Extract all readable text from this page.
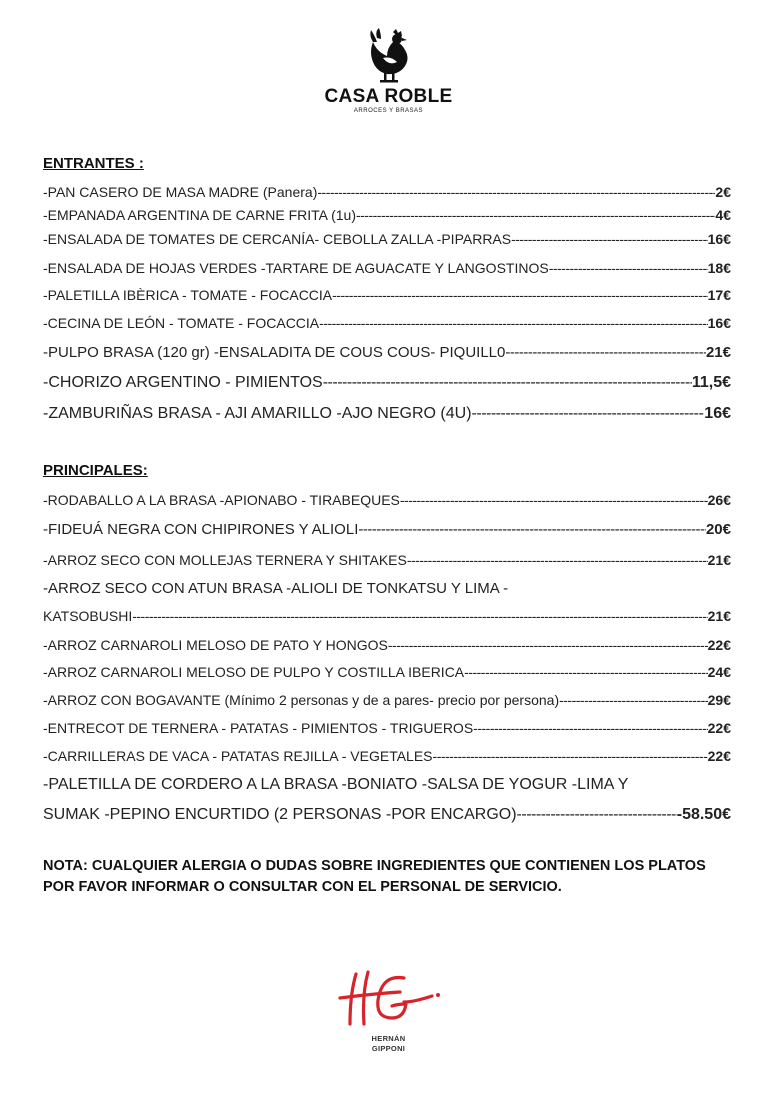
CASA ROBLE
ARROCES Y BRASAS
ENTRANTES :
-PAN CASERO DE MASA MADRE (Panera) -----	2€
-EMPANADA ARGENTINA DE CARNE FRITA (1u) -----	4€
-ENSALADA DE TOMATES DE CERCANÍA- CEBOLLA ZALLA -PIPARRAS -----	16€
-ENSALADA DE HOJAS VERDES -TARTARE DE AGUACATE Y LANGOSTINOS -----	18€
-PALETILLA IBÈRICA - TOMATE - FOCACCIA -----	17€
-CECINA DE LEÓN - TOMATE - FOCACCIA -----	16€
-PULPO BRASA (120 gr) -ENSALADITA DE COUS COUS- PIQUILL0 -----	21€
-CHORIZO ARGENTINO - PIMIENTOS -----	11,5€
-ZAMBURIÑAS BRASA - AJI AMARILLO -AJO NEGRO (4U) -----	16€
PRINCIPALES:
-RODABALLO A LA BRASA -APIONABO - TIRABEQUES -----	26€
-FIDEUÁ NEGRA CON CHIPIRONES Y ALIOLI -----	20€
-ARROZ SECO CON MOLLEJAS TERNERA Y SHITAKES -----	21€
-ARROZ SECO CON ATUN BRASA -ALIOLI DE TONKATSU Y LIMA -
KATSOBUSHI -----	21€
-ARROZ CARNAROLI MELOSO DE PATO Y HONGOS -----	22€
-ARROZ CARNAROLI MELOSO DE PULPO Y COSTILLA IBERICA -----	24€
-ARROZ CON BOGAVANTE (Mínimo 2 personas y de a pares- precio por persona) -----	29€
-ENTRECOT DE TERNERA - PATATAS - PIMIENTOS - TRIGUEROS -----	22€
-CARRILLERAS DE VACA - PATATAS REJILLA - VEGETALES -----	22€
-PALETILLA DE CORDERO A LA BRASA -BONIATO -SALSA DE YOGUR -LIMA Y
SUMAK -PEPINO ENCURTIDO (2 PERSONAS -POR ENCARGO) -----	-58.50€
NOTA: CUALQUIER ALERGIA O DUDAS SOBRE INGREDIENTES QUE CONTIENEN LOS PLATOS POR FAVOR INFORMAR O CONSULTAR CON EL PERSONAL DE SERVICIO.
HERNÁN
GIPPONI
